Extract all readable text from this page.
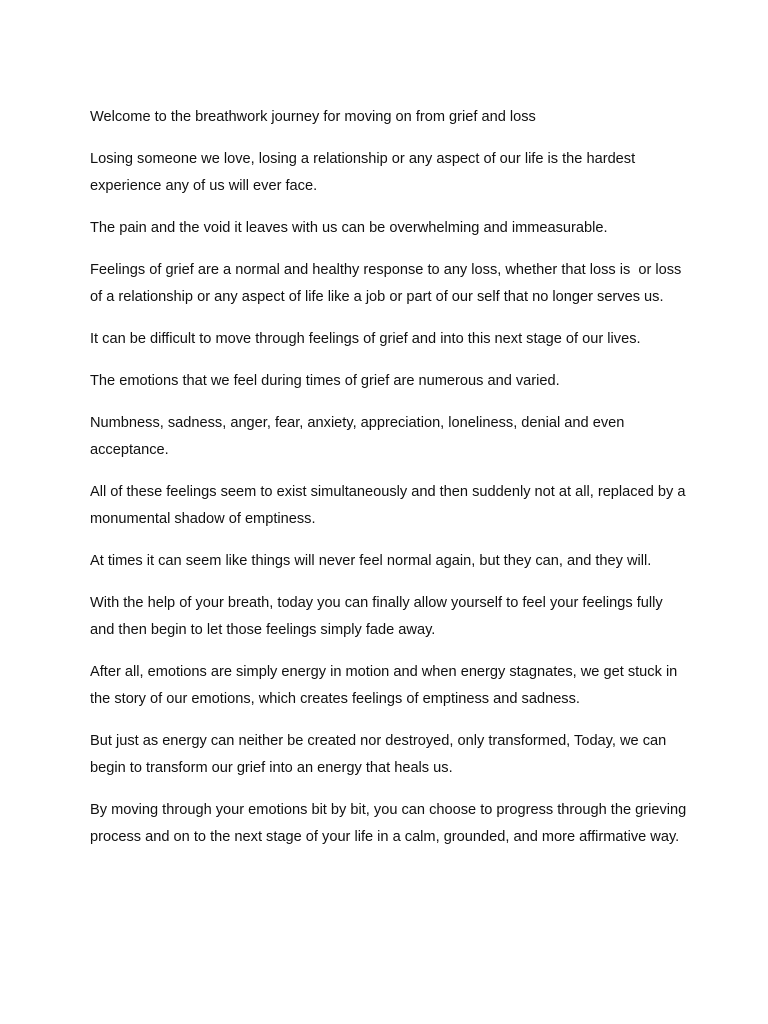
Welcome to the breathwork journey for moving on from grief and loss

Losing someone we love, losing a relationship or any aspect of our life is the hardest experience any of us will ever face.

The pain and the void it leaves with us can be overwhelming and immeasurable.

Feelings of grief are a normal and healthy response to any loss, whether that loss is  or loss of a relationship or any aspect of life like a job or part of our self that no longer serves us.

It can be difficult to move through feelings of grief and into this next stage of our lives.

The emotions that we feel during times of grief are numerous and varied.

Numbness, sadness, anger, fear, anxiety, appreciation, loneliness, denial and even acceptance.

All of these feelings seem to exist simultaneously and then suddenly not at all, replaced by a monumental shadow of emptiness.

At times it can seem like things will never feel normal again, but they can, and they will.

With the help of your breath, today you can finally allow yourself to feel your feelings fully and then begin to let those feelings simply fade away.

After all, emotions are simply energy in motion and when energy stagnates, we get stuck in the story of our emotions, which creates feelings of emptiness and sadness.

But just as energy can neither be created nor destroyed, only transformed, Today, we can begin to transform our grief into an energy that heals us.

By moving through your emotions bit by bit, you can choose to progress through the grieving process and on to the next stage of your life in a calm, grounded, and more affirmative way.
